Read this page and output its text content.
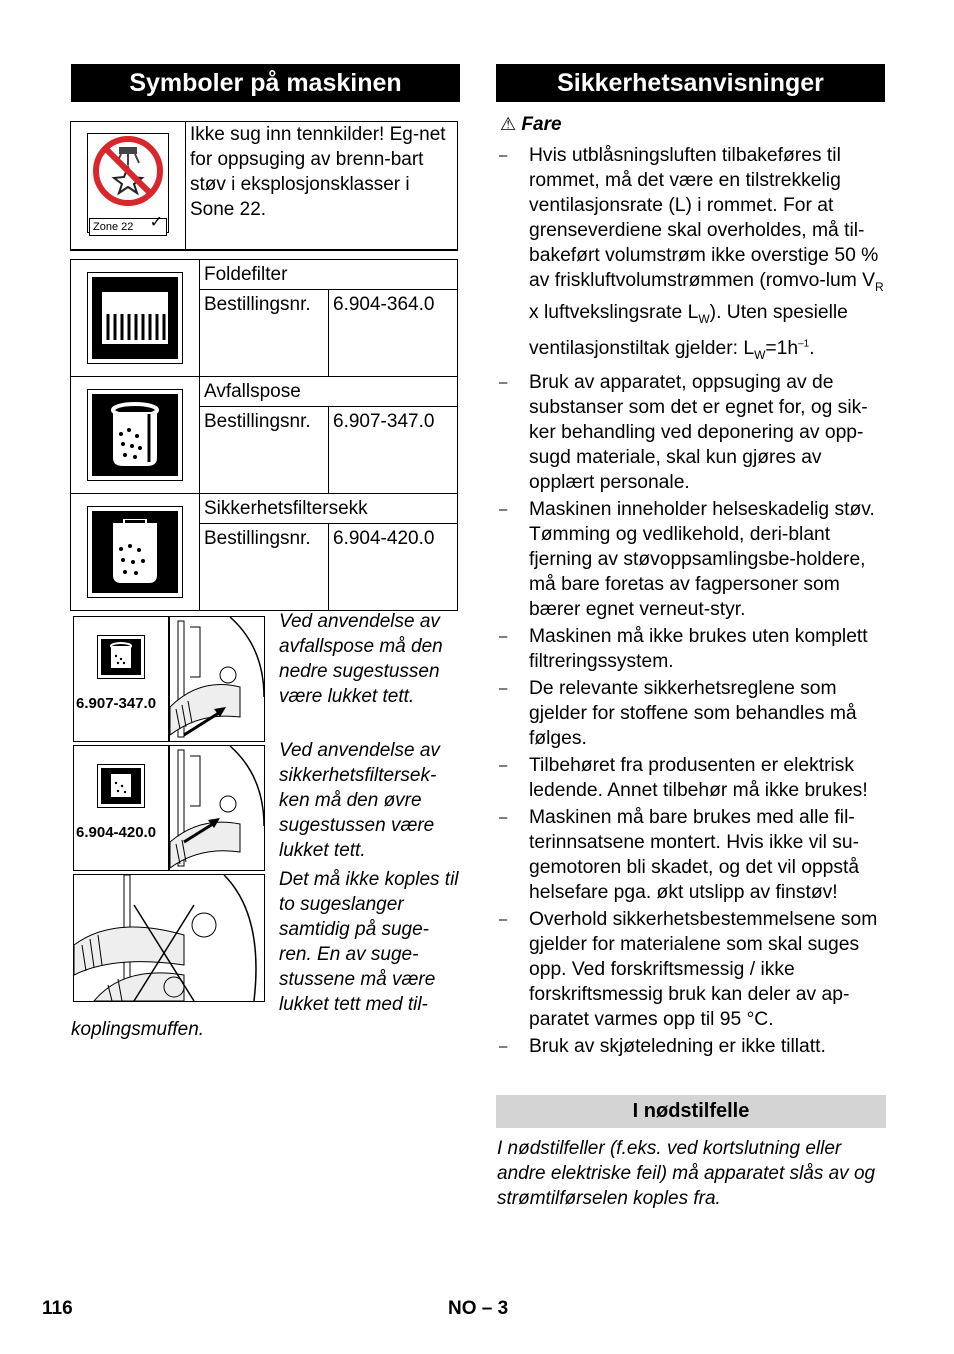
Symboler på maskinen	Sikkerhetsanvisninger
Zone 22 ✓
	Ikke sug inn tennkilder! Eg-net for oppsuging av brenn-bart støv i eksplosjonsklasser i Sone 22.
	Foldefilter	
	Bestillingsnr.	6.904-364.0

	Avfallspose	
	Bestillingsnr.	6.907-347.0

	Sikkerhetsfiltersekk	
	Bestillingsnr.	6.904-420.0
6.907-347.0
Ved anvendelse av avfallspose må den nedre sugestussen være lukket tett.
6.904-420.0
Ved anvendelse av sikkerhetsfiltersek-ken må den øvre sugestussen være lukket tett.
Det må ikke koples til to sugeslanger samtidig på suge-ren. En av suge-stussene må være lukket tett med til-
koplingsmuffen.
⚠ Fare
– Hvis utblåsningsluften tilbakeføres til rommet, må det være en tilstrekkelig ventilasjonsrate (L) i rommet. For at grenseverdiene skal overholdes, må til-bakeført volumstrøm ikke overstige 50 % av friskluftvolumstrømmen (romvo-lum $V_R$ x luftvekslingsrate $L_W$). Uten spesielle ventilasjonstiltak gjelder: $L_W=1h^{-1}$.
– Bruk av apparatet, oppsuging av de substanser som det er egnet for, og sik-ker behandling ved deponering av opp-sugd materiale, skal kun gjøres av opplært personale.
– Maskinen inneholder helseskadelig støv. Tømming og vedlikehold, deri-blant fjerning av støvoppsamlingsbe-holdere, må bare foretas av fagpersoner som bærer egnet verneut-styr.
– Maskinen må ikke brukes uten komplett filtreringssystem.
– De relevante sikkerhetsreglene som gjelder for stoffene som behandles må følges.
– Tilbehøret fra produsenten er elektrisk ledende. Annet tilbehør må ikke brukes!
– Maskinen må bare brukes med alle fil-terinnsatsene montert. Hvis ikke vil su-gemotoren bli skadet, og det vil oppstå helsefare pga. økt utslipp av finstøv!
– Overhold sikkerhetsbestemmelsene som gjelder for materialene som skal suges opp. Ved forskriftsmessig / ikke forskriftsmessig bruk kan deler av ap-paratet varmes opp til 95 °C.
– Bruk av skjøteledning er ikke tillatt.
I nødstilfelle
I nødstilfeller (f.eks. ved kortslutning eller andre elektriske feil) må apparatet slås av og strømtilførselen koples fra.
116	NO – 3
